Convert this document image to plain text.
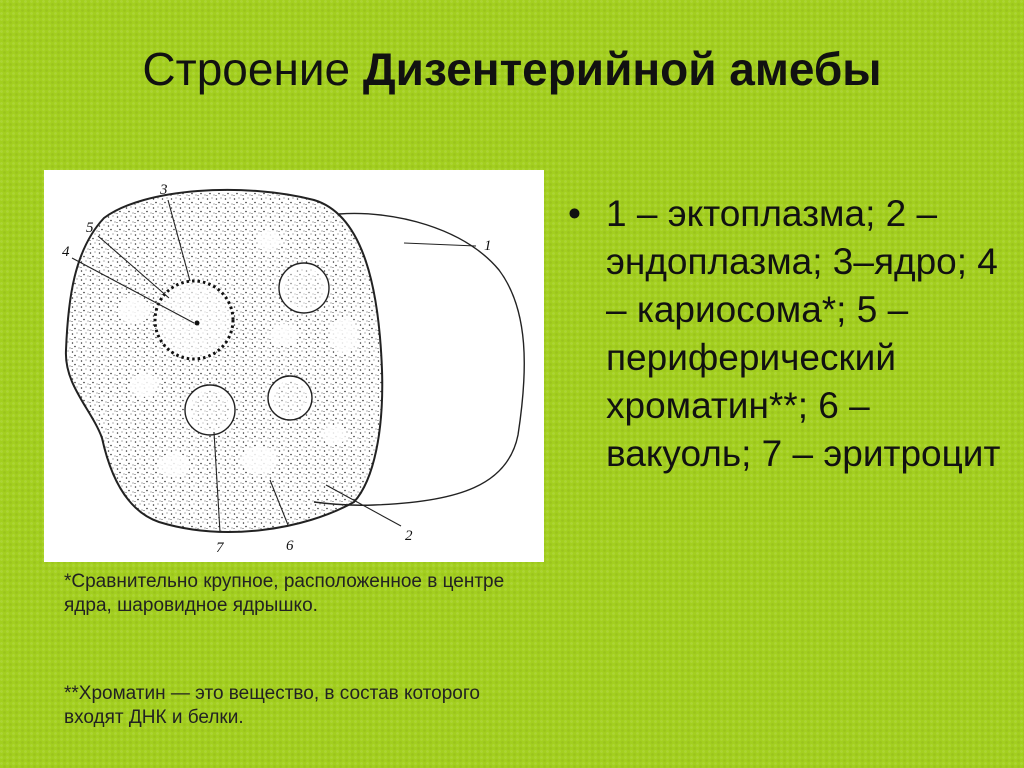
Строение Дизентерийной амебы
1
2
3
4
5
6
7
• 1 – эктоплазма; 2 – эндоплазма; 3–ядро; 4 – кариосома*; 5 – периферический хроматин**; 6 – вакуоль; 7 – эритроцит

*Сравнительно крупное, расположенное в центре ядра, шаровидное ядрышко.

**Хроматин — это вещество, в состав которого входят ДНК и белки.
